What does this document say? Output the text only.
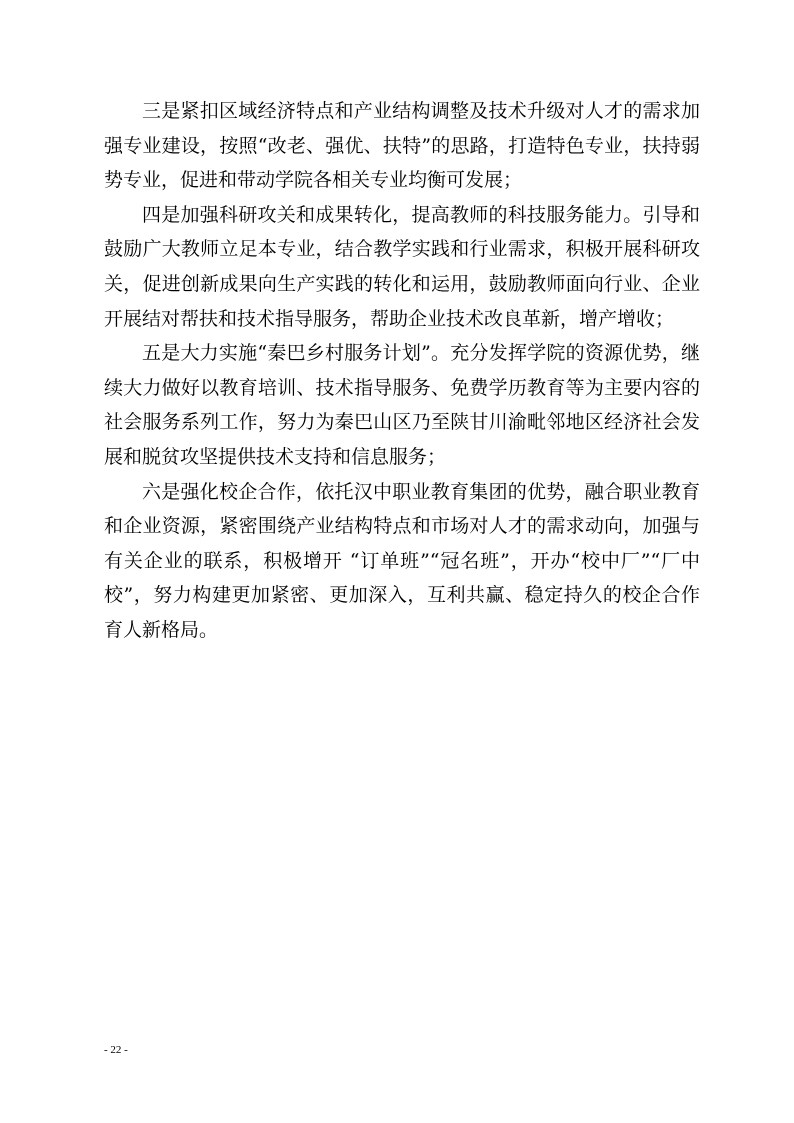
三是紧扣区域经济特点和产业结构调整及技术升级对人才的需求加强专业建设，按照“改老、强优、扶特”的思路，打造特色专业，扶持弱势专业，促进和带动学院各相关专业均衡可发展；

四是加强科研攻关和成果转化，提高教师的科技服务能力。引导和鼓励广大教师立足本专业，结合教学实践和行业需求，积极开展科研攻关，促进创新成果向生产实践的转化和运用，鼓励教师面向行业、企业开展结对帮扶和技术指导服务，帮助企业技术改良革新，增产增收；

五是大力实施“秦巴乡村服务计划”。充分发挥学院的资源优势，继续大力做好以教育培训、技术指导服务、免费学历教育等为主要内容的社会服务系列工作，努力为秦巴山区乃至陕甘川渝毗邻地区经济社会发展和脱贫攻坚提供技术支持和信息服务；

六是强化校企合作，依托汉中职业教育集团的优势，融合职业教育和企业资源，紧密围绕产业结构特点和市场对人才的需求动向，加强与有关企业的联系，积极增开 “订单班”“冠名班”，开办“校中厂”“厂中校”，努力构建更加紧密、更加深入，互利共赢、稳定持久的校企合作育人新格局。

- 22 -
